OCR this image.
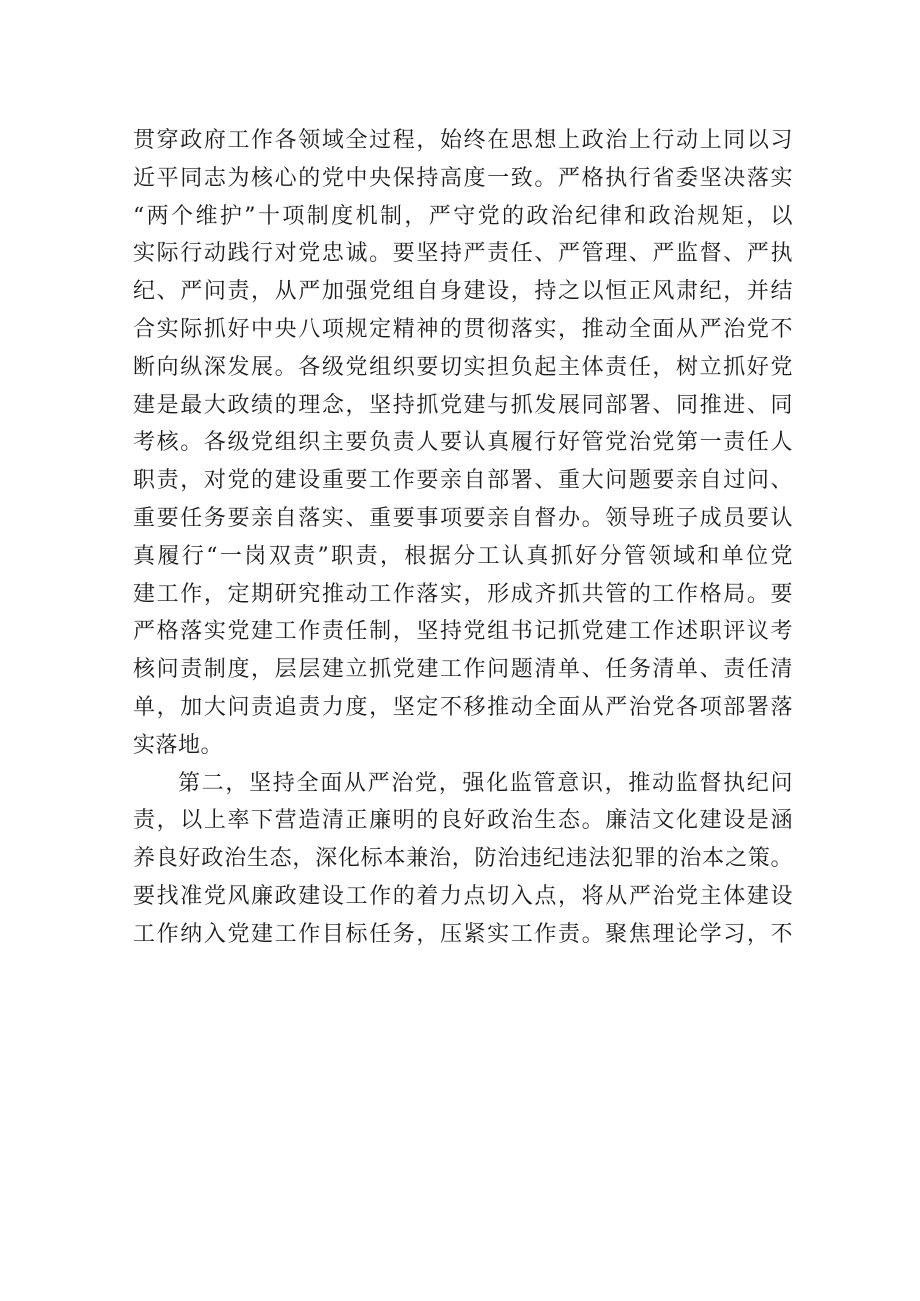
贯穿政府工作各领域全过程，始终在思想上政治上行动上同以习
近平同志为核心的党中央保持高度一致。严格执行省委坚决落实
“两个维护”十项制度机制，严守党的政治纪律和政治规矩，以
实际行动践行对党忠诚。要坚持严责任、严管理、严监督、严执
纪、严问责，从严加强党组自身建设，持之以恒正风肃纪，并结
合实际抓好中央八项规定精神的贯彻落实，推动全面从严治党不
断向纵深发展。各级党组织要切实担负起主体责任，树立抓好党
建是最大政绩的理念，坚持抓党建与抓发展同部署、同推进、同
考核。各级党组织主要负责人要认真履行好管党治党第一责任人
职责，对党的建设重要工作要亲自部署、重大问题要亲自过问、
重要任务要亲自落实、重要事项要亲自督办。领导班子成员要认
真履行“一岗双责”职责，根据分工认真抓好分管领域和单位党
建工作，定期研究推动工作落实，形成齐抓共管的工作格局。要
严格落实党建工作责任制，坚持党组书记抓党建工作述职评议考
核问责制度，层层建立抓党建工作问题清单、任务清单、责任清
单，加大问责追责力度，坚定不移推动全面从严治党各项部署落
实落地。
第二，坚持全面从严治党，强化监管意识，推动监督执纪问
责，以上率下营造清正廉明的良好政治生态。廉洁文化建设是涵
养良好政治生态，深化标本兼治，防治违纪违法犯罪的治本之策。
要找准党风廉政建设工作的着力点切入点，将从严治党主体建设
工作纳入党建工作目标任务，压紧实工作责。聚焦理论学习，不
